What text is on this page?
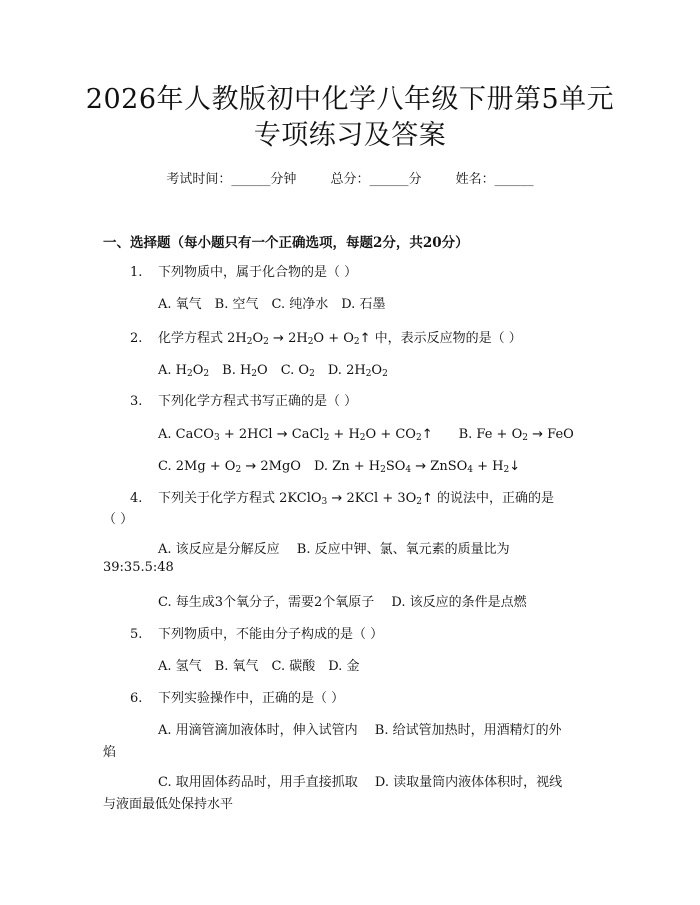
2026年人教版初中化学八年级下册第5单元
专项练习及答案
考试时间：______分钟	总分：______分	姓名：______
一、选择题（每小题只有一个正确选项，每题2分，共20分）
1. 下列物质中，属于化合物的是（ ）
A. 氧气　B. 空气　C. 纯净水　D. 石墨
2. 化学方程式 $2H_2O_2 \to 2H_2O$ + $O_2↑$ 中，表示反应物的是（ ）
A. $H_2O_2$　B. $H_2O$　C. $O_2$　D. $2H_2O_2$
3. 下列化学方程式书写正确的是（ ）
A. CaCO$_3$ + 2HCl → CaCl$_2$ + $H_2O$ + $CO_2↑$　　B. $Fe + O_2$ → FeO
C. $2Mg + O_2 \to 2MgO$　D. $Zn + H_2SO_4$ → ZnSO$_4$ + $H_2↓$
4. 下列关于化学方程式 2KClO$_3$ → $2KCl + 3O_2↑$ 的说法中，正确的是
（ ）
A. 该反应是分解反应　 B. 反应中钾、氯、氧元素的质量比为
39:35.5:48
C. 每生成3个氧分子，需要2个氧原子　 D. 该反应的条件是点燃
5. 下列物质中，不能由分子构成的是（ ）
A. 氢气　B. 氧气　C. 碳酸　D. 金
6. 下列实验操作中，正确的是（ ）
A. 用滴管滴加液体时，伸入试管内　 B. 给试管加热时，用酒精灯的外
焰
C. 取用固体药品时，用手直接抓取　 D. 读取量筒内液体体积时，视线
与液面最低处保持水平
